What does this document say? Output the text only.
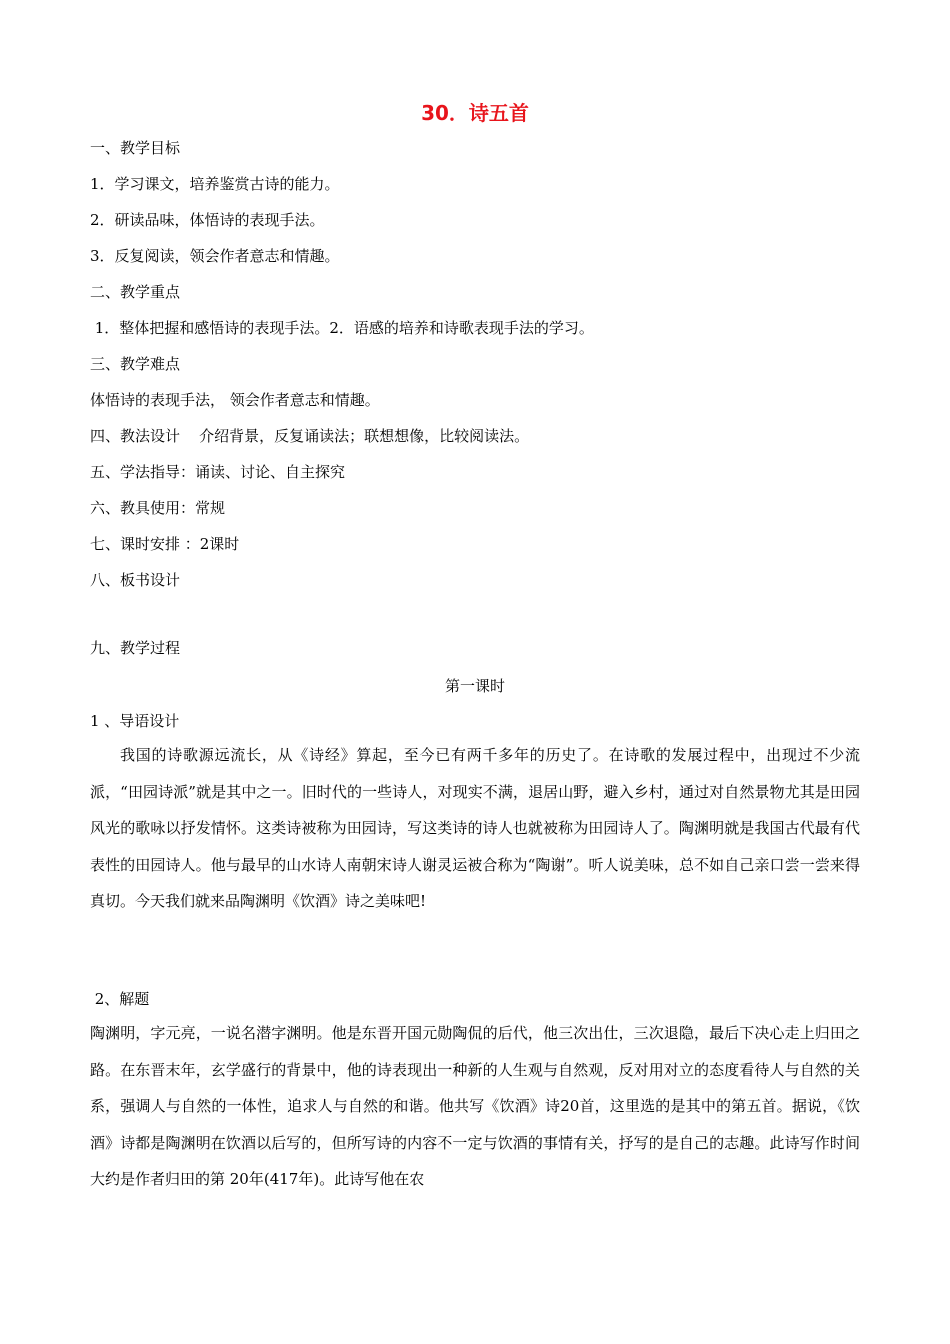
30．诗五首
一、教学目标
1．学习课文，培养鉴赏古诗的能力。
2．研读品味，体悟诗的表现手法。
3．反复阅读，领会作者意志和情趣。
二、教学重点
1．整体把握和感悟诗的表现手法。2．语感的培养和诗歌表现手法的学习。
三、教学难点
体悟诗的表现手法， 领会作者意志和情趣。
四、教法设计    介绍背景，反复诵读法；联想想像，比较阅读法。
五、学法指导：诵读、讨论、自主探究
六、教具使用：常规
七、课时安排 ：2课时
八、板书设计
九、教学过程
第一课时
1 、导语设计
我国的诗歌源远流长，从《诗经》算起，至今已有两千多年的历史了。在诗歌的发展过程中，出现过不少流派，“田园诗派”就是其中之一。旧时代的一些诗人，对现实不满，退居山野，避入乡村，通过对自然景物尤其是田园风光的歌咏以抒发情怀。这类诗被称为田园诗，写这类诗的诗人也就被称为田园诗人了。陶渊明就是我国古代最有代表性的田园诗人。他与最早的山水诗人南朝宋诗人谢灵运被合称为“陶谢”。听人说美味，总不如自己亲口尝一尝来得真切。今天我们就来品陶渊明《饮酒》诗之美味吧!
2、解题
陶渊明，字元亮，一说名潜字渊明。他是东晋开国元勋陶侃的后代，他三次出仕，三次退隐，最后下决心走上归田之路。在东晋末年，玄学盛行的背景中，他的诗表现出一种新的人生观与自然观，反对用对立的态度看待人与自然的关系，强调人与自然的一体性，追求人与自然的和谐。他共写《饮酒》诗20首，这里选的是其中的第五首。据说，《饮酒》诗都是陶渊明在饮酒以后写的，但所写诗的内容不一定与饮酒的事情有关，抒写的是自己的志趣。此诗写作时间大约是作者归田的第 20年(417年)。此诗写他在农
